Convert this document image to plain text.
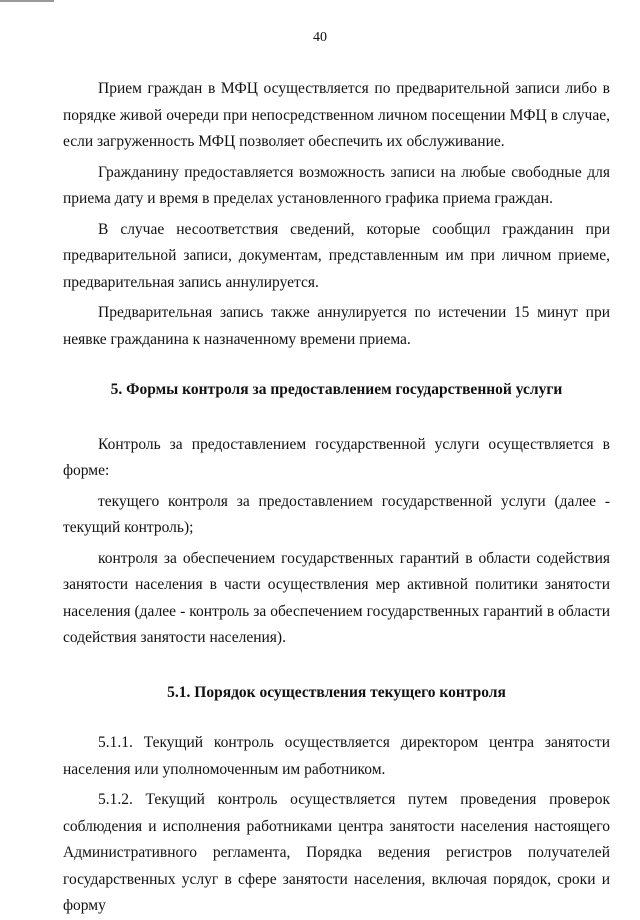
40

Прием граждан в МФЦ осуществляется по предварительной записи либо в порядке живой очереди при непосредственном личном посещении МФЦ в случае, если загруженность МФЦ позволяет обеспечить их обслуживание.

Гражданину предоставляется возможность записи на любые свободные для приема дату и время в пределах установленного графика приема граждан.

В случае несоответствия сведений, которые сообщил гражданин при предварительной записи, документам, представленным им при личном приеме, предварительная запись аннулируется.

Предварительная запись также аннулируется по истечении 15 минут при неявке гражданина к назначенному времени приема.

5. Формы контроля за предоставлением государственной услуги

Контроль за предоставлением государственной услуги осуществляется в форме:

текущего контроля за предоставлением государственной услуги (далее - текущий контроль);

контроля за обеспечением государственных гарантий в области содействия занятости населения в части осуществления мер активной политики занятости населения (далее - контроль за обеспечением государственных гарантий в области содействия занятости населения).

5.1. Порядок осуществления текущего контроля

5.1.1. Текущий контроль осуществляется директором центра занятости населения или уполномоченным им работником.

5.1.2. Текущий контроль осуществляется путем проведения проверок соблюдения и исполнения работниками центра занятости населения настоящего Административного регламента, Порядка ведения регистров получателей государственных услуг в сфере занятости населения, включая порядок, сроки и форму
